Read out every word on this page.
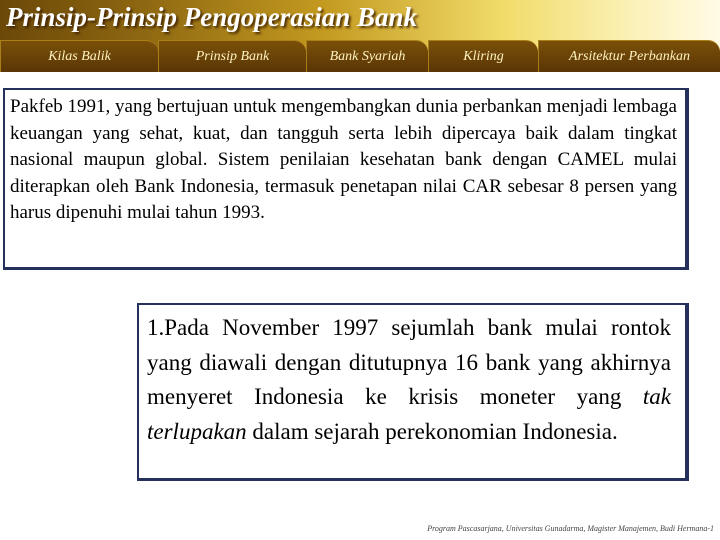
Prinsip-Prinsip Pengoperasian Bank
Kilas Balik	Prinsip Bank	Bank Syariah	Kliring	Arsitektur Perbankan

Pakfeb 1991, yang bertujuan untuk mengembangkan dunia perbankan menjadi lembaga keuangan yang sehat, kuat, dan tangguh serta lebih dipercaya baik dalam tingkat nasional maupun global. Sistem penilaian kesehatan bank dengan CAMEL mulai diterapkan oleh Bank Indonesia, termasuk penetapan nilai CAR sebesar 8 persen yang harus dipenuhi mulai tahun 1993.

1.Pada November 1997 sejumlah bank mulai rontok yang diawali dengan ditutupnya 16 bank yang akhirnya menyeret Indonesia ke krisis moneter yang tak terlupakan dalam sejarah perekonomian Indonesia.

Program Pascasarjana, Universitas Gunadarma, Magister Manajemen, Budi Hermana-1
